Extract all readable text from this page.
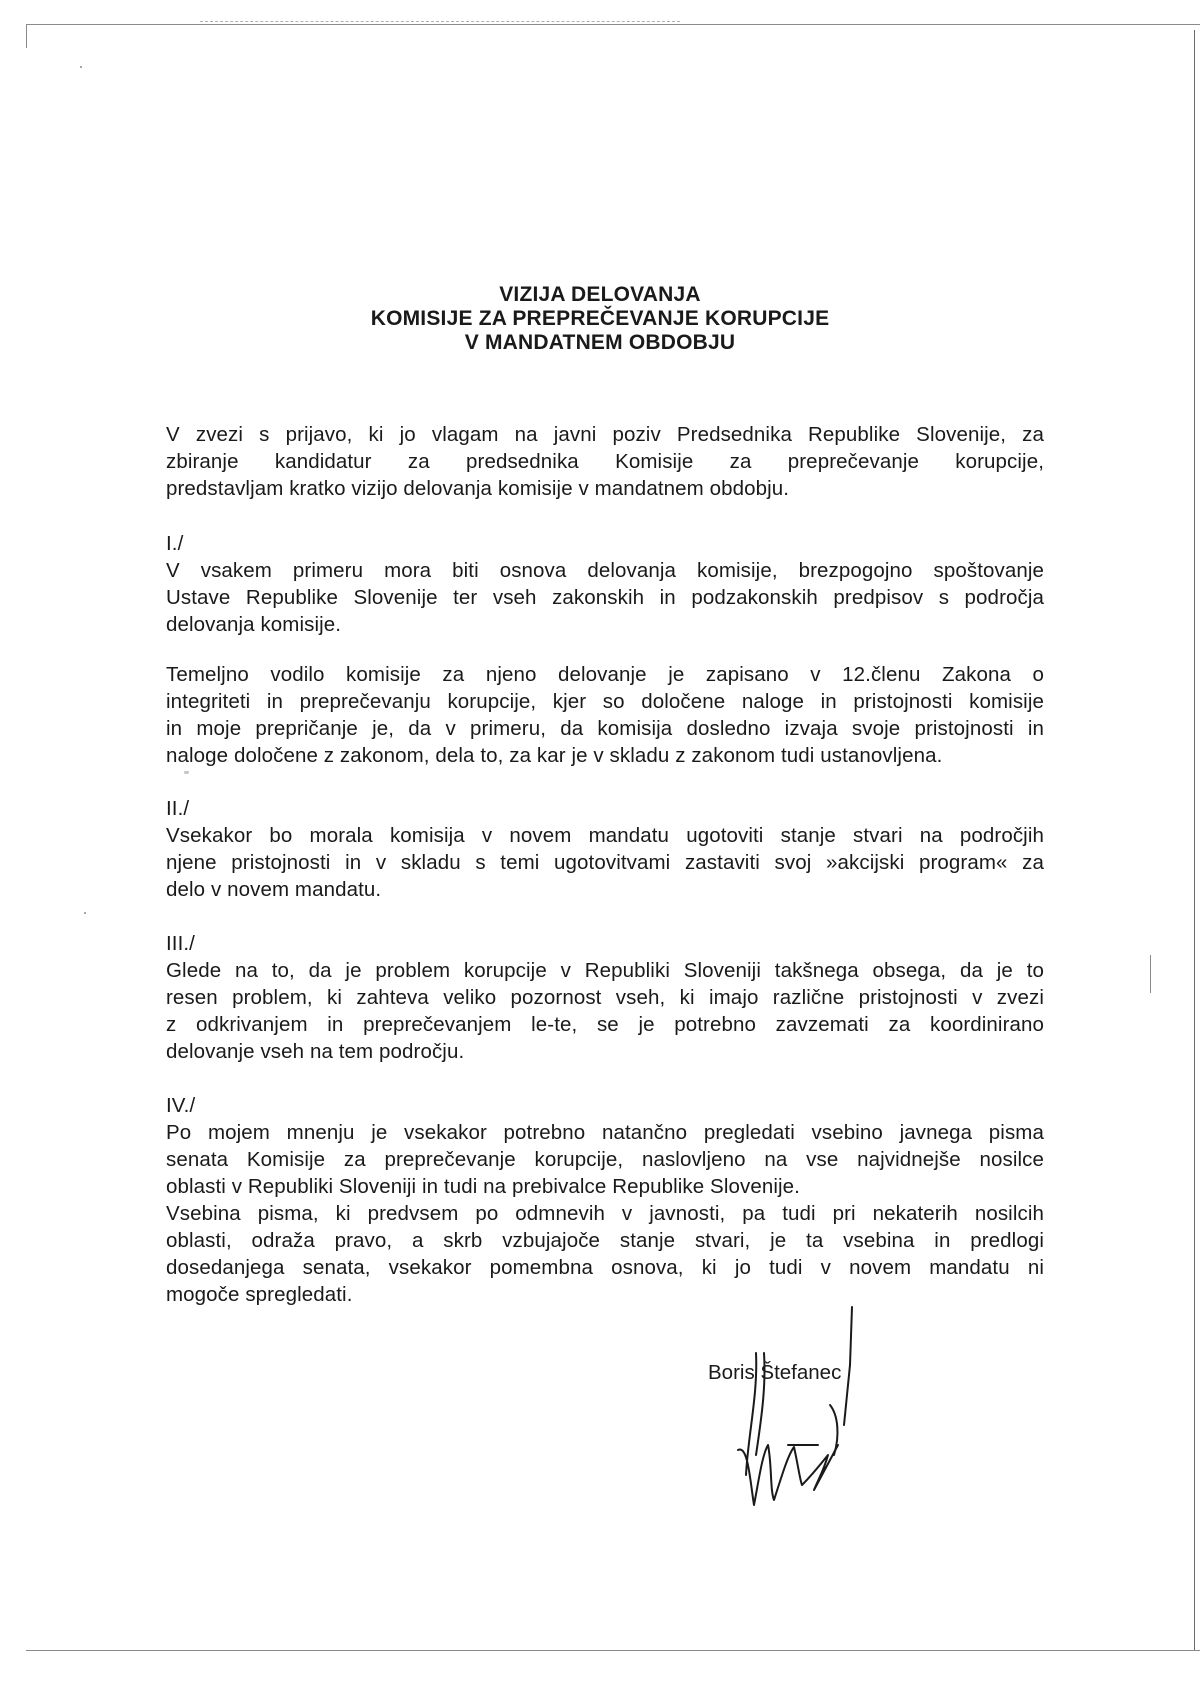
VIZIJA DELOVANJA
KOMISIJE ZA PREPREČEVANJE KORUPCIJE
V MANDATNEM OBDOBJU
V zvezi s prijavo, ki jo vlagam na javni poziv Predsednika Republike Slovenije, za
zbiranje kandidatur za predsednika Komisije za preprečevanje korupcije,
predstavljam kratko vizijo delovanja komisije v mandatnem obdobju.
I./
V vsakem primeru mora biti osnova delovanja komisije, brezpogojno spoštovanje
Ustave Republike Slovenije ter vseh zakonskih in podzakonskih predpisov s področja
delovanja komisije.
Temeljno vodilo komisije za njeno delovanje je zapisano v 12.členu Zakona o
integriteti in preprečevanju korupcije, kjer so določene naloge in pristojnosti komisije
in moje prepričanje je, da v primeru, da komisija dosledno izvaja svoje pristojnosti in
naloge določene z zakonom, dela to, za kar je v skladu z zakonom tudi ustanovljena.
II./
Vsekakor bo morala komisija v novem mandatu ugotoviti stanje stvari na področjih
njene pristojnosti in v skladu s temi ugotovitvami zastaviti svoj »akcijski program« za
delo v novem mandatu.
III./
Glede na to, da je problem korupcije v Republiki Sloveniji takšnega obsega, da je to
resen problem, ki zahteva veliko pozornost vseh, ki imajo različne pristojnosti v zvezi
z odkrivanjem in preprečevanjem le-te, se je potrebno zavzemati za koordinirano
delovanje vseh na tem področju.
IV./
Po mojem mnenju je vsekakor potrebno natančno pregledati vsebino javnega pisma
senata Komisije za preprečevanje korupcije, naslovljeno na vse najvidnejše nosilce
oblasti v Republiki Sloveniji in tudi na prebivalce Republike Slovenije.
Vsebina pisma, ki predvsem po odmnevih v javnosti, pa tudi pri nekaterih nosilcih
oblasti, odraža pravo, a skrb vzbujajoče stanje stvari, je ta vsebina in predlogi
dosedanjega senata, vsekakor pomembna osnova, ki jo tudi v novem mandatu ni
mogoče spregledati.
Boris Štefanec
